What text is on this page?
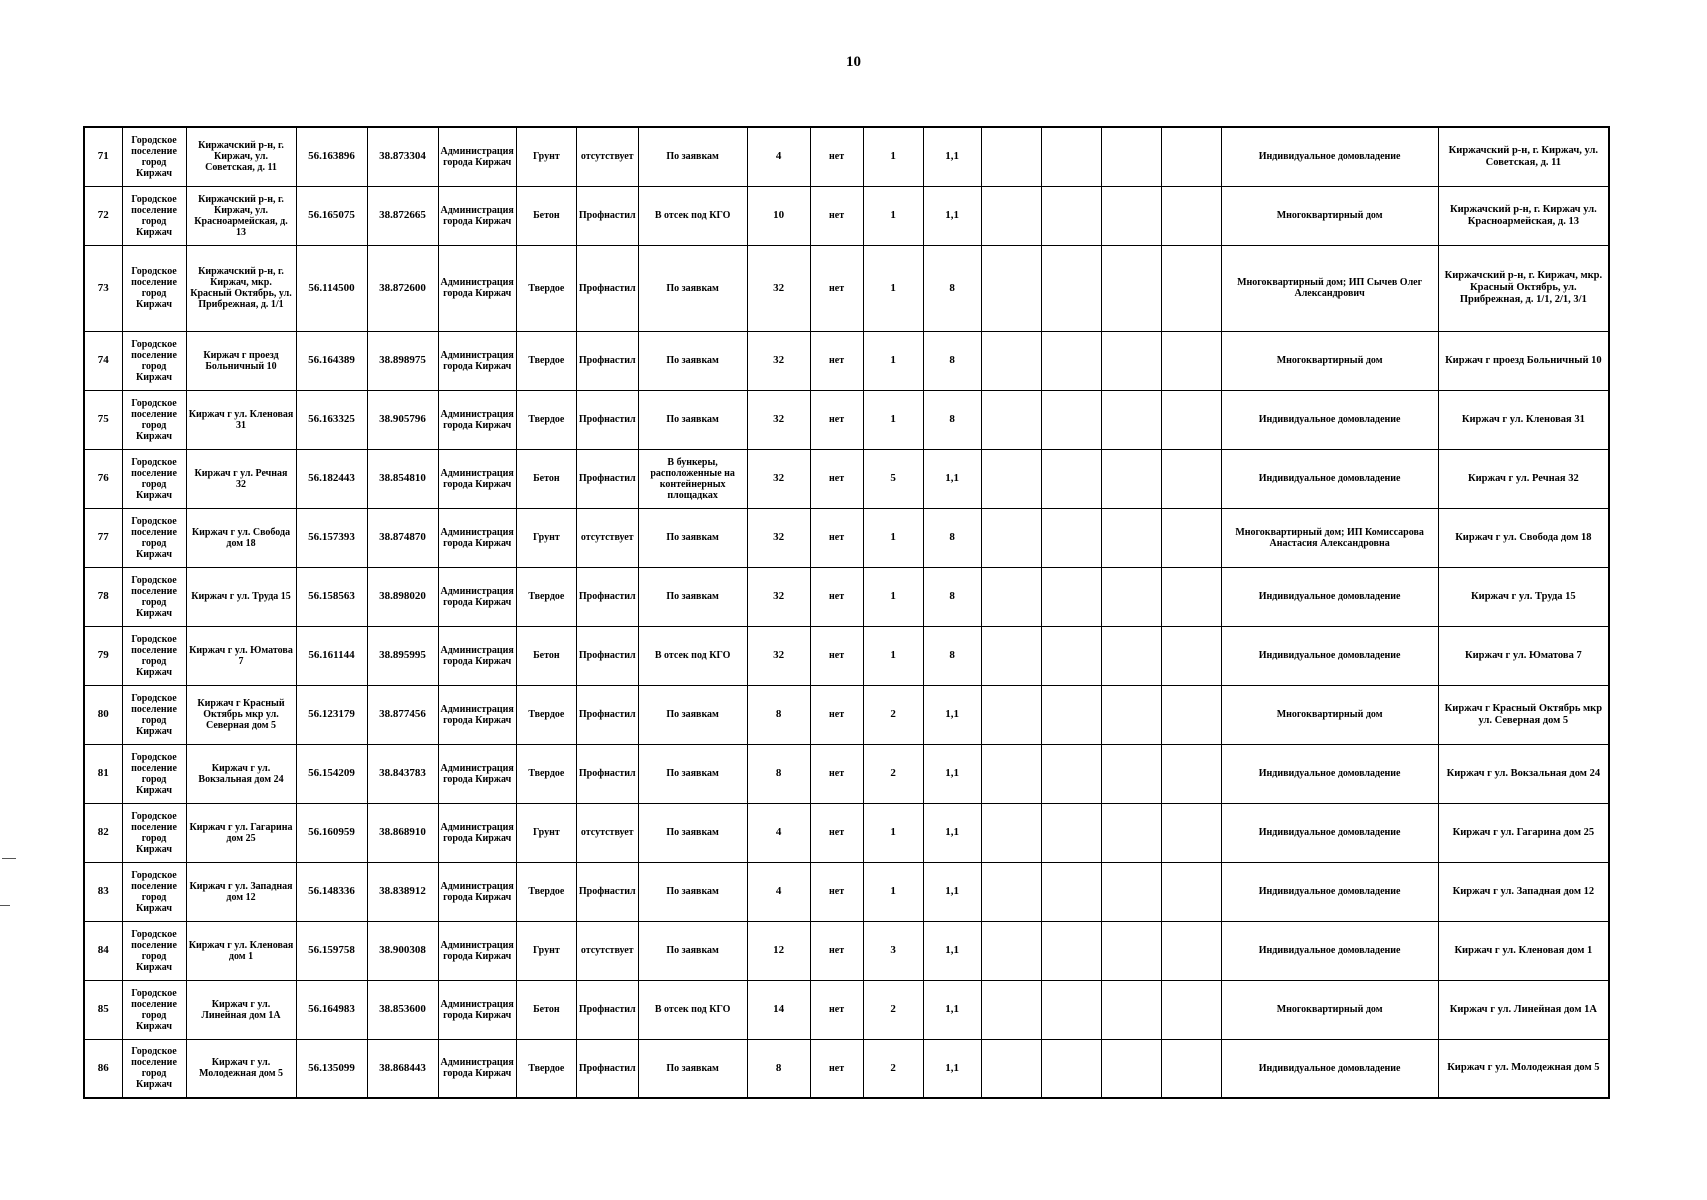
10
71	Городское поселение город Киржач	Киржачский р-н, г. Киржач, ул. Советская, д. 11	56.163896	38.873304	Администрация города Киржач	Грунт	отсутствует	По заявкам	4	нет	1	1,1					Индивидуальное домовладение	Киржачский р-н, г. Киржач, ул. Советская, д. 11
72	Городское поселение город Киржач	Киржачский р-н, г. Киржач, ул. Красноармейская, д. 13	56.165075	38.872665	Администрация города Киржач	Бетон	Профнастил	В отсек под КГО	10	нет	1	1,1					Многоквартирный дом	Киржачский р-н, г. Киржач ул. Красноармейская, д. 13
73	Городское поселение город Киржач	Киржачский р-н, г. Киржач, мкр. Красный Октябрь, ул. Прибрежная, д. 1/1	56.114500	38.872600	Администрация города Киржач	Твердое	Профнастил	По заявкам	32	нет	1	8					Многоквартирный дом; ИП Сычев Олег Александрович	Киржачский р-н, г. Киржач, мкр. Красный Октябрь, ул. Прибрежная, д. 1/1, 2/1, 3/1
74	Городское поселение город Киржач	Киржач г проезд Больничный 10	56.164389	38.898975	Администрация города Киржач	Твердое	Профнастил	По заявкам	32	нет	1	8					Многоквартирный дом	Киржач г проезд Больничный 10
75	Городское поселение город Киржач	Киржач г ул. Кленовая 31	56.163325	38.905796	Администрация города Киржач	Твердое	Профнастил	По заявкам	32	нет	1	8					Индивидуальное домовладение	Киржач г ул. Кленовая 31
76	Городское поселение город Киржач	Киржач г ул. Речная 32	56.182443	38.854810	Администрация города Киржач	Бетон	Профнастил	В бункеры, расположенные на контейнерных площадках	32	нет	5	1,1					Индивидуальное домовладение	Киржач г ул. Речная 32
77	Городское поселение город Киржач	Киржач г ул. Свобода дом 18	56.157393	38.874870	Администрация города Киржач	Грунт	отсутствует	По заявкам	32	нет	1	8					Многоквартирный дом; ИП Комиссарова Анастасия Александровна	Киржач г ул. Свобода дом 18
78	Городское поселение город Киржач	Киржач г ул. Труда 15	56.158563	38.898020	Администрация города Киржач	Твердое	Профнастил	По заявкам	32	нет	1	8					Индивидуальное домовладение	Киржач г ул. Труда 15
79	Городское поселение город Киржач	Киржач г ул. Юматова 7	56.161144	38.895995	Администрация города Киржач	Бетон	Профнастил	В отсек под КГО	32	нет	1	8					Индивидуальное домовладение	Киржач г ул. Юматова 7
80	Городское поселение город Киржач	Киржач г Красный Октябрь мкр ул. Северная дом 5	56.123179	38.877456	Администрация города Киржач	Твердое	Профнастил	По заявкам	8	нет	2	1,1					Многоквартирный дом	Киржач г Красный Октябрь мкр ул. Северная дом 5
81	Городское поселение город Киржач	Киржач г ул. Вокзальная дом 24	56.154209	38.843783	Администрация города Киржач	Твердое	Профнастил	По заявкам	8	нет	2	1,1					Индивидуальное домовладение	Киржач г ул. Вокзальная дом 24
82	Городское поселение город Киржач	Киржач г ул. Гагарина дом 25	56.160959	38.868910	Администрация города Киржач	Грунт	отсутствует	По заявкам	4	нет	1	1,1					Индивидуальное домовладение	Киржач г ул. Гагарина дом 25
83	Городское поселение город Киржач	Киржач г ул. Западная дом 12	56.148336	38.838912	Администрация города Киржач	Твердое	Профнастил	По заявкам	4	нет	1	1,1					Индивидуальное домовладение	Киржач г ул. Западная дом 12
84	Городское поселение город Киржач	Киржач г ул. Кленовая дом 1	56.159758	38.900308	Администрация города Киржач	Грунт	отсутствует	По заявкам	12	нет	3	1,1					Индивидуальное домовладение	Киржач г ул. Кленовая дом 1
85	Городское поселение город Киржач	Киржач г ул. Линейная дом 1А	56.164983	38.853600	Администрация города Киржач	Бетон	Профнастил	В отсек под КГО	14	нет	2	1,1					Многоквартирный дом	Киржач г ул. Линейная дом 1А
86	Городское поселение город Киржач	Киржач г ул. Молодежная дом 5	56.135099	38.868443	Администрация города Киржач	Твердое	Профнастил	По заявкам	8	нет	2	1,1					Индивидуальное домовладение	Киржач г ул. Молодежная дом 5
